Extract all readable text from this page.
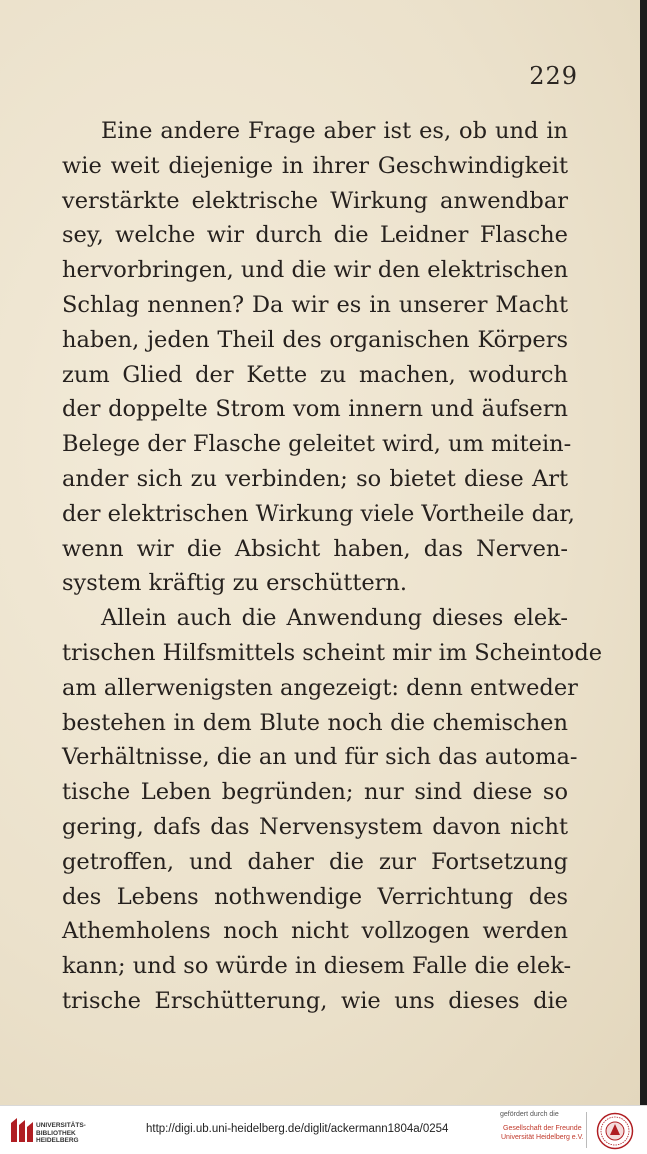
229
Eine andere Frage aber ist es, ob und in
wie weit diejenige in ihrer Geschwindigkeit
verstärkte elektrische Wirkung anwendbar
sey, welche wir durch die Leidner Flasche
hervorbringen, und die wir den elektrischen
Schlag nennen? Da wir es in unserer Macht
haben, jeden Theil des organischen Körpers
zum Glied der Kette zu machen, wodurch
der doppelte Strom vom innern und äufsern
Belege der Flasche geleitet wird, um mitein-
ander sich zu verbinden; so bietet diese Art
der elektrischen Wirkung viele Vortheile dar,
wenn wir die Absicht haben, das Nerven-
system kräftig zu erschüttern.
Allein auch die Anwendung dieses elek-
trischen Hilfsmittels scheint mir im Scheintode
am allerwenigsten angezeigt: denn entweder
bestehen in dem Blute noch die chemischen
Verhältnisse, die an und für sich das automa-
tische Leben begründen; nur sind diese so
gering, dafs das Nervensystem davon nicht
getroffen, und daher die zur Fortsetzung
des Lebens nothwendige Verrichtung des
Athemholens noch nicht vollzogen werden
kann; und so würde in diesem Falle die elek-
trische Erschütterung, wie uns dieses die
UNIVERSITÄTS-
BIBLIOTHEK
HEIDELBERG
http://digi.ub.uni-heidelberg.de/diglit/ackermann1804a/0254
gefördert durch die
Gesellschaft der Freunde
Universität Heidelberg e.V.
